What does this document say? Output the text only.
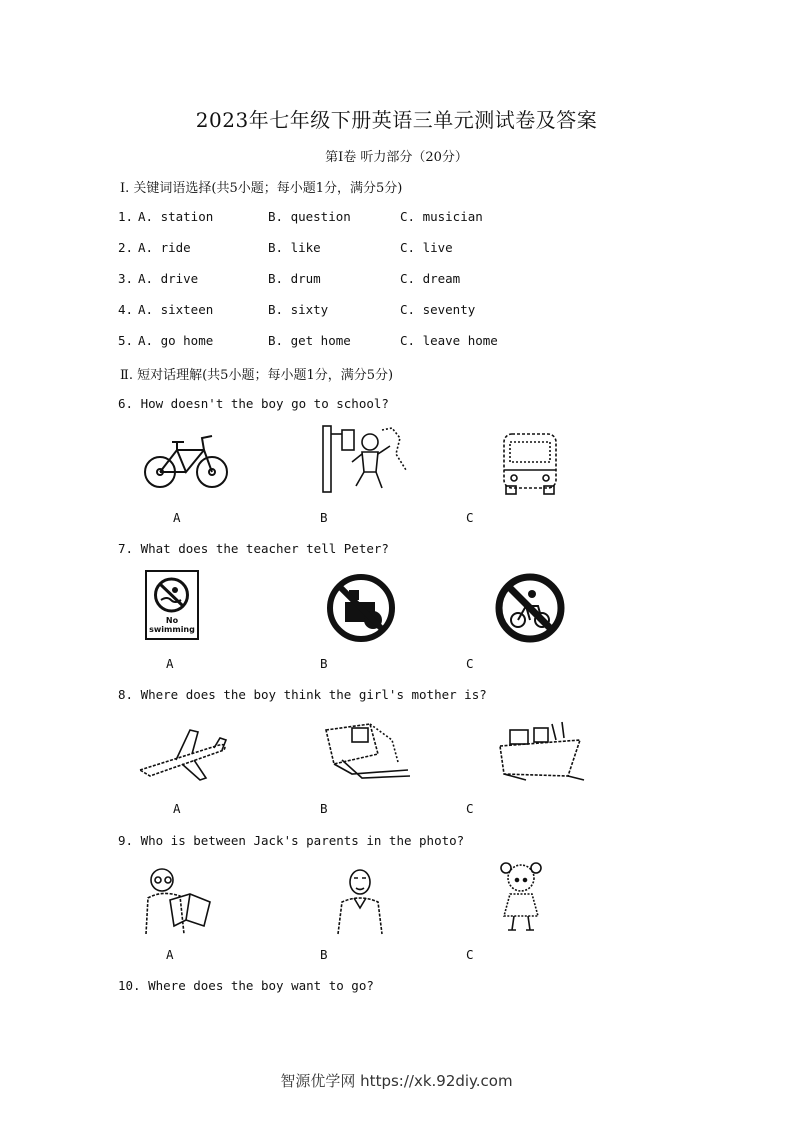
2023年七年级下册英语三单元测试卷及答案
第Ⅰ卷 听力部分（20分）
Ⅰ. 关键词语选择(共5小题；每小题1分，满分5分)
1. A. station	B. question	C. musician
2. A. ride	B. like	C. live
3. A. drive	B. drum	C. dream
4. A. sixteen	B. sixty	C. seventy
5. A. go home	B. get home	C. leave home
Ⅱ. 短对话理解(共5小题；每小题1分，满分5分)
6. How doesn't the boy go to school?
A	B	C
7. What does the teacher tell Peter?
No swimming
A	B	C
8. Where does the boy think the girl's mother is?
A	B	C
9. Who is between Jack's parents in the photo?
A	B	C
10. Where does the boy want to go?
智源优学网 https://xk.92diy.com
